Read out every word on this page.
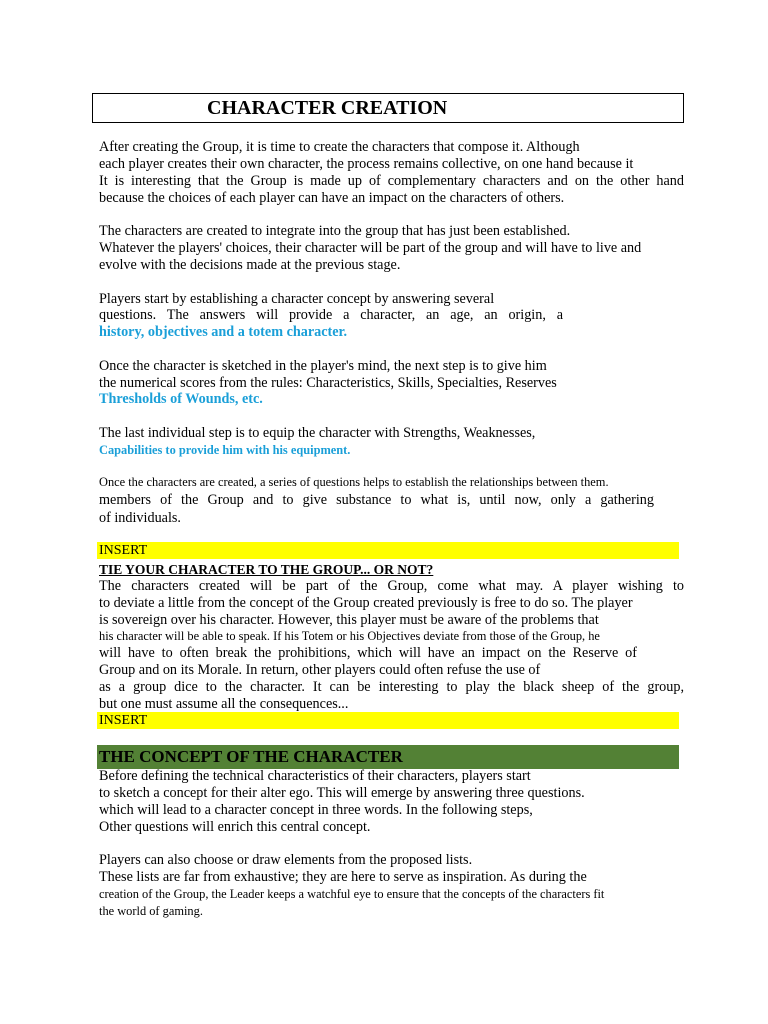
CHARACTER CREATION
After creating the Group, it is time to create the characters that compose it. Although
each player creates their own character, the process remains collective, on one hand because it
It is interesting that the Group is made up of complementary characters and on the other hand
because the choices of each player can have an impact on the characters of others.
The characters are created to integrate into the group that has just been established.
Whatever the players' choices, their character will be part of the group and will have to live and
evolve with the decisions made at the previous stage.
Players start by establishing a character concept by answering several
questions. The answers will provide a character, an age, an origin, a
history, objectives and a totem character.
Once the character is sketched in the player's mind, the next step is to give him
the numerical scores from the rules: Characteristics, Skills, Specialties, Reserves
Thresholds of Wounds, etc.
The last individual step is to equip the character with Strengths, Weaknesses,
Capabilities to provide him with his equipment.
Once the characters are created, a series of questions helps to establish the relationships between them.
members of the Group and to give substance to what is, until now, only a gathering
of individuals.
INSERT
TIE YOUR CHARACTER TO THE GROUP... OR NOT?
The characters created will be part of the Group, come what may. A player wishing to
to deviate a little from the concept of the Group created previously is free to do so. The player
is sovereign over his character. However, this player must be aware of the problems that
his character will be able to speak. If his Totem or his Objectives deviate from those of the Group, he
will have to often break the prohibitions, which will have an impact on the Reserve of
Group and on its Morale. In return, other players could often refuse the use of
as a group dice to the character. It can be interesting to play the black sheep of the group,
but one must assume all the consequences...
INSERT
THE CONCEPT OF THE CHARACTER
Before defining the technical characteristics of their characters, players start
to sketch a concept for their alter ego. This will emerge by answering three questions.
which will lead to a character concept in three words. In the following steps,
Other questions will enrich this central concept.
Players can also choose or draw elements from the proposed lists.
These lists are far from exhaustive; they are here to serve as inspiration. As during the
creation of the Group, the Leader keeps a watchful eye to ensure that the concepts of the characters fit
the world of gaming.
